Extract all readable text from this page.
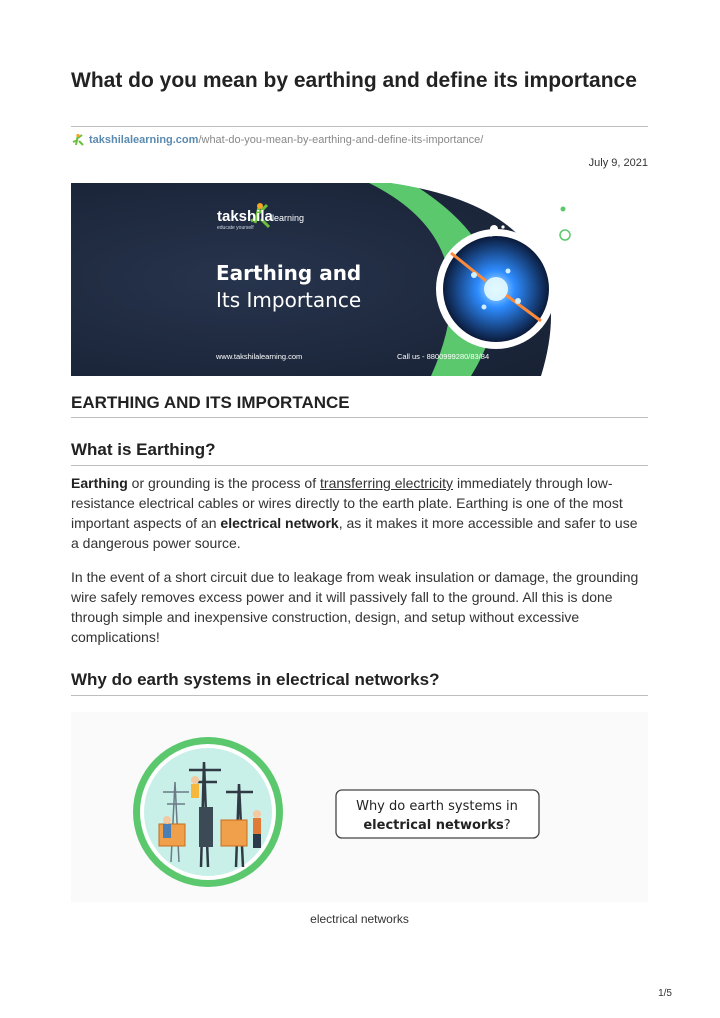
What do you mean by earthing and define its importance
takshilalearning.com /what-do-you-mean-by-earthing-and-define-its-importance/
July 9, 2021
takshila learning
educate yourself
Earthing and
Its Importance
www.takshilalearning.com	Call us - 8800999280/83/84
EARTHING AND ITS IMPORTANCE
What is Earthing?
Earthing or grounding is the process of transferring electricity immediately through low-resistance electrical cables or wires directly to the earth plate. Earthing is one of the most important aspects of an electrical network, as it makes it more accessible and safer to use a dangerous power source.
In the event of a short circuit due to leakage from weak insulation or damage, the grounding wire safely removes excess power and it will passively fall to the ground. All this is done through simple and inexpensive construction, design, and setup without excessive complications!
Why do earth systems in electrical networks?
Why do earth systems in
electrical networks?
electrical networks
1/5
